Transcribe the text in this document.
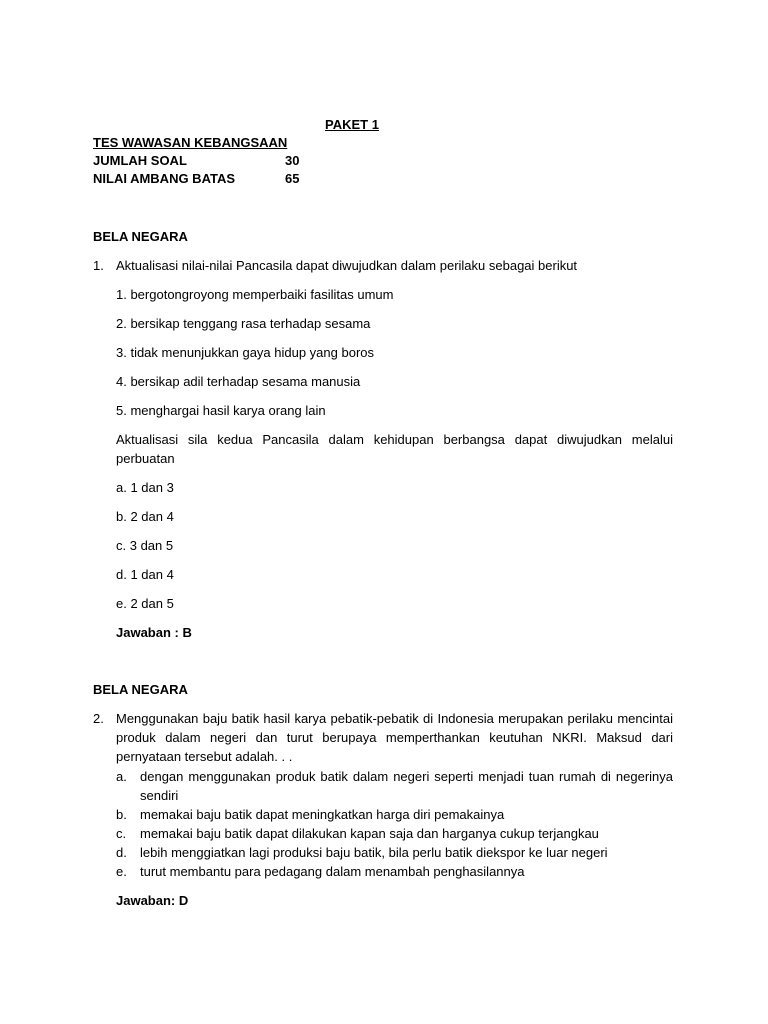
PAKET 1
TES WAWASAN KEBANGSAAN
JUMLAH SOAL	30
NILAI AMBANG BATAS	65
BELA NEGARA
1. Aktualisasi nilai-nilai Pancasila dapat diwujudkan dalam perilaku sebagai berikut
1. bergotongroyong memperbaiki fasilitas umum
2. bersikap tenggang rasa terhadap sesama
3. tidak menunjukkan gaya hidup yang boros
4. bersikap adil terhadap sesama manusia
5. menghargai hasil karya orang lain
Aktualisasi sila kedua Pancasila dalam kehidupan berbangsa dapat diwujudkan melalui perbuatan
a. 1 dan 3
b. 2 dan 4
c. 3 dan 5
d. 1 dan 4
e. 2 dan 5
Jawaban : B
BELA NEGARA
2. Menggunakan baju batik hasil karya pebatik-pebatik di Indonesia merupakan perilaku mencintai produk dalam negeri dan turut berupaya memperthankan keutuhan NKRI. Maksud dari pernyataan tersebut adalah. . .
a. dengan menggunakan produk batik dalam negeri seperti menjadi tuan rumah di negerinya sendiri
b. memakai baju batik dapat meningkatkan harga diri pemakainya
c. memakai baju batik dapat dilakukan kapan saja dan harganya cukup terjangkau
d. lebih menggiatkan lagi produksi baju batik, bila perlu batik diekspor ke luar negeri
e. turut membantu para pedagang dalam menambah penghasilannya
Jawaban: D
